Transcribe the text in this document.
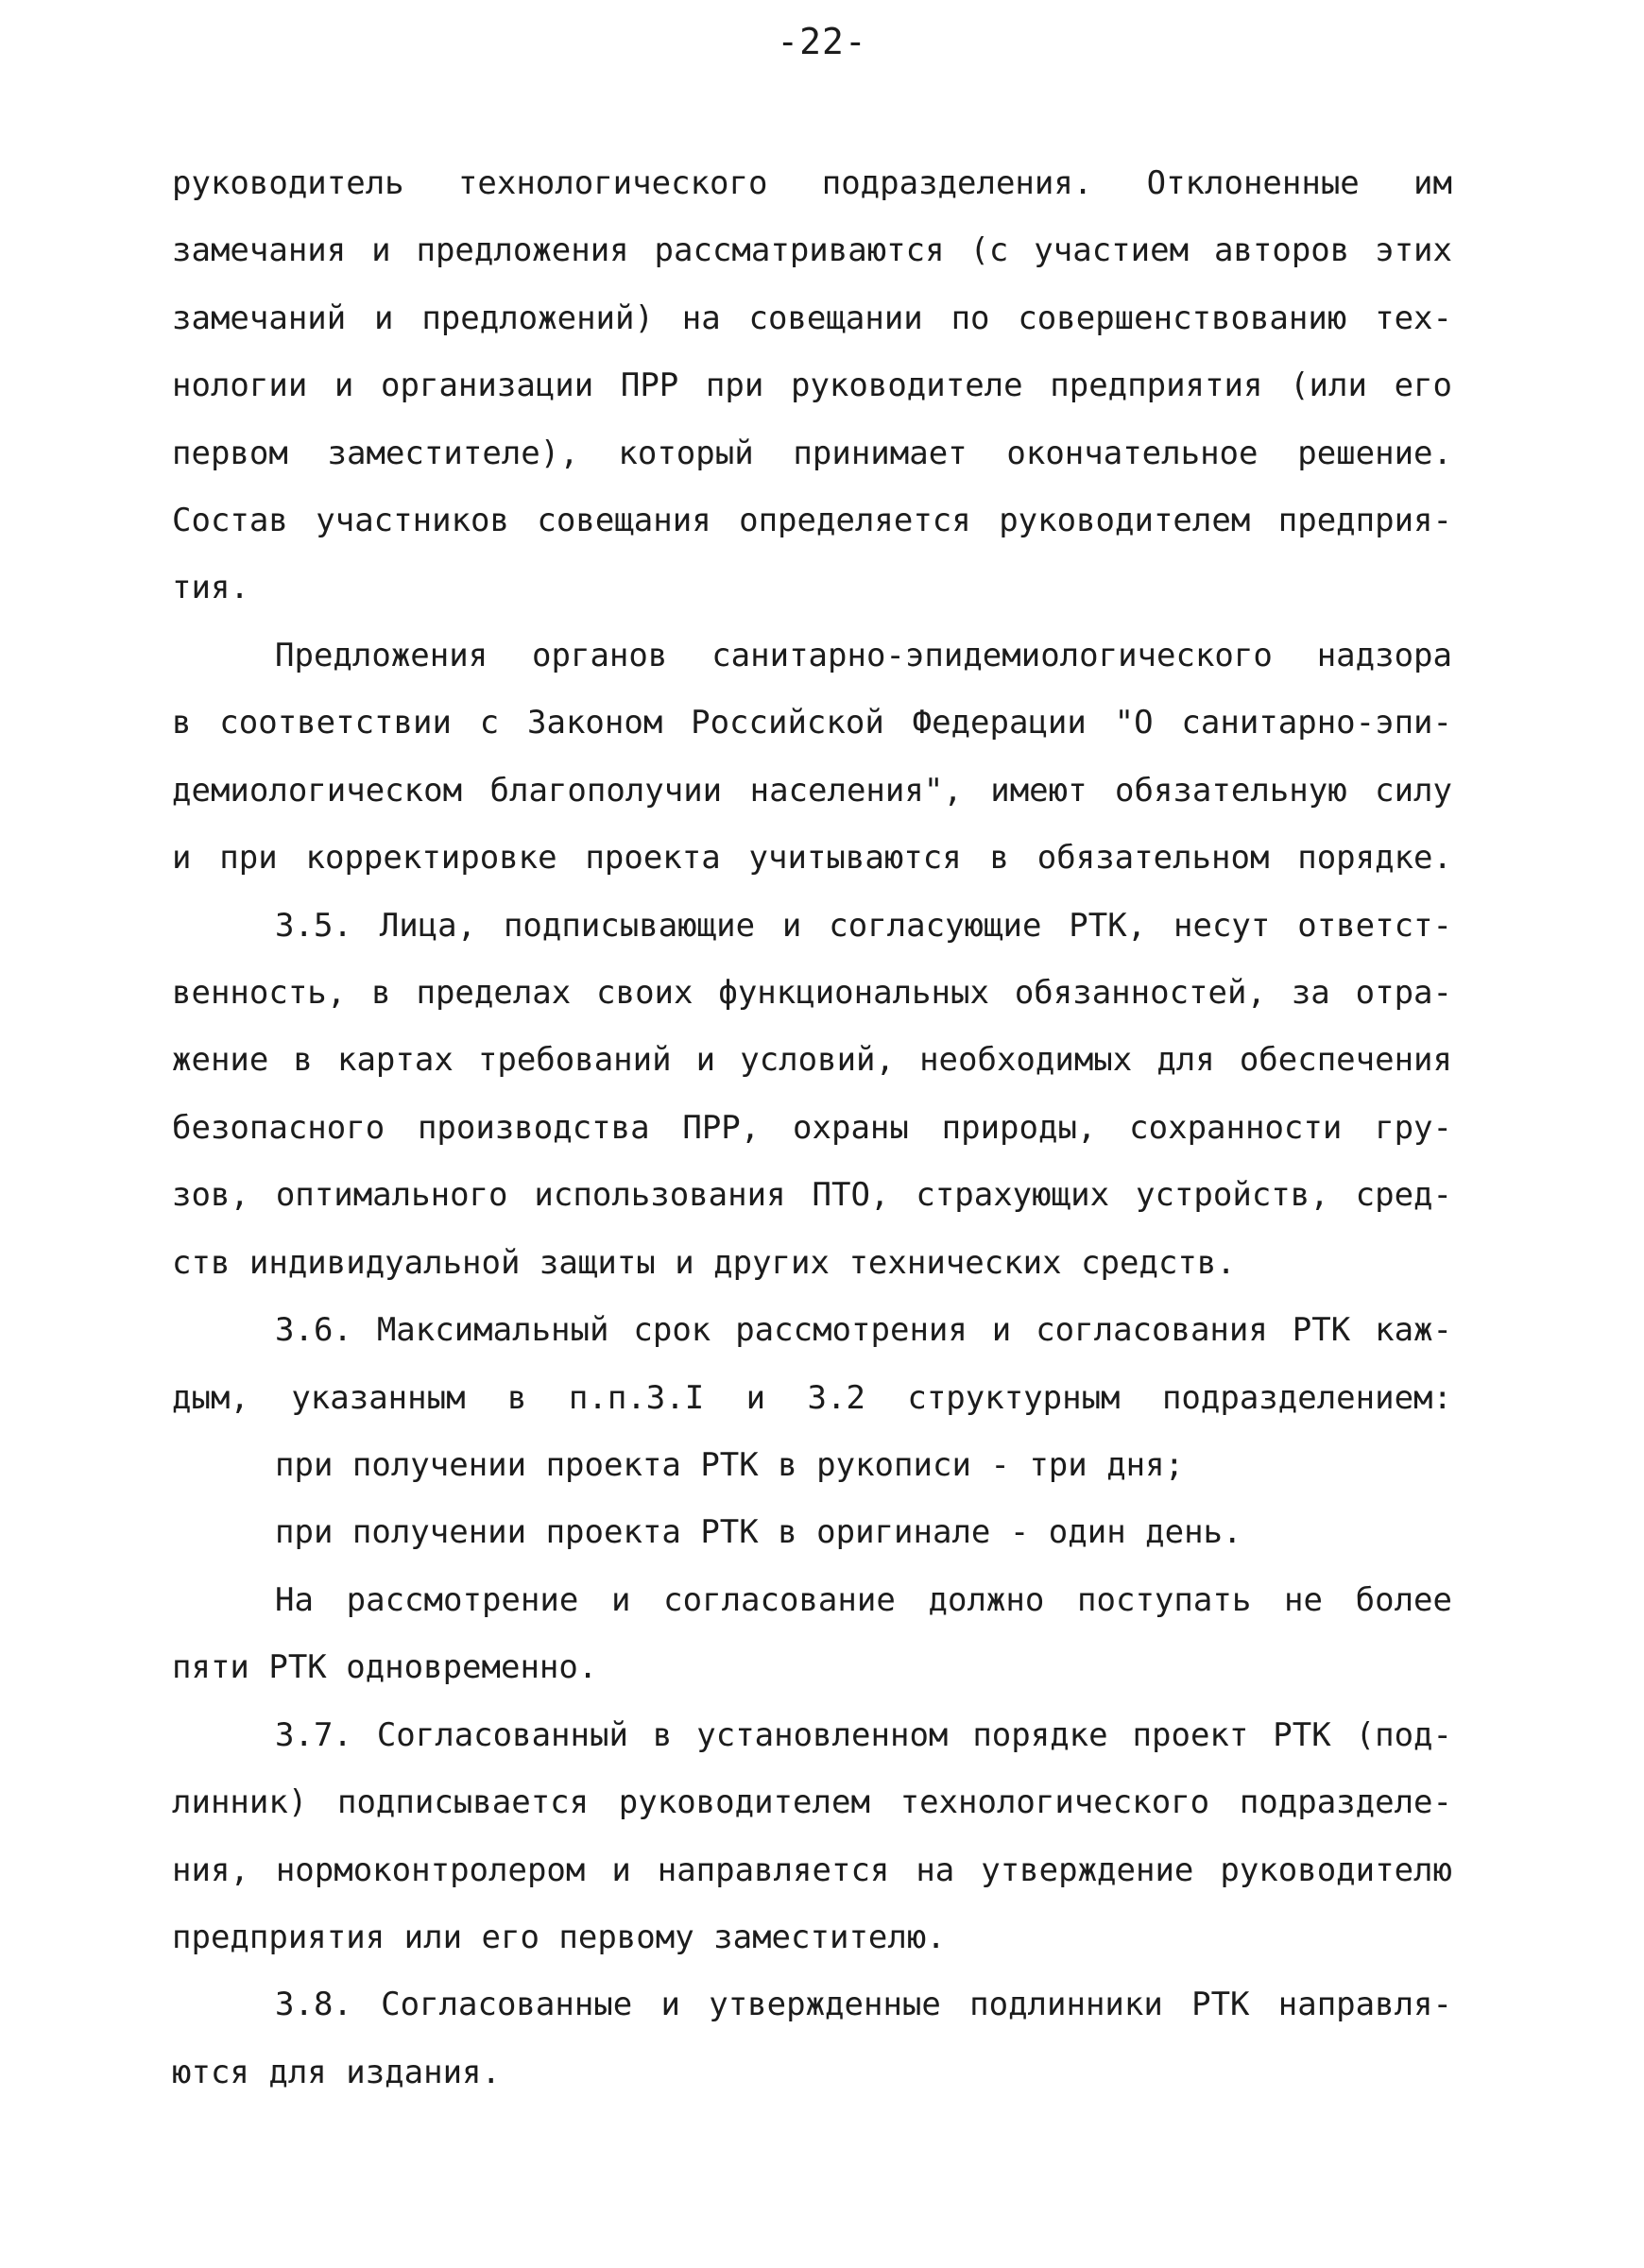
-22-
руководитель технологического подразделения. Отклоненные им
замечания и предложения рассматриваются (с участием авторов этих
замечаний и предложений) на совещании по совершенствованию тех-
нологии и организации ПРР при руководителе предприятия (или его
первом заместителе), который принимает окончательное решение.
Состав участников совещания определяется руководителем предприя-
тия.
Предложения органов санитарно-эпидемиологического надзора
в соответствии с Законом Российской Федерации "О санитарно-эпи-
демиологическом благополучии населения", имеют обязательную силу
и при корректировке проекта учитываются в обязательном порядке.
3.5. Лица, подписывающие и согласующие РТК, несут ответст-
венность, в пределах своих функциональных обязанностей, за отра-
жение в картах требований и условий, необходимых для обеспечения
безопасного производства ПРР, охраны природы, сохранности гру-
зов, оптимального использования ПТО, страхующих устройств, сред-
ств индивидуальной защиты и других технических средств.
3.6. Максимальный срок рассмотрения и согласования РТК каж-
дым, указанным в п.п.3.I и 3.2 структурным подразделением:
при получении проекта РТК в рукописи - три дня;
при получении проекта РТК в оригинале - один день.
На рассмотрение и согласование должно поступать не более
пяти РТК одновременно.
3.7. Согласованный в установленном порядке проект РТК (под-
линник) подписывается руководителем технологического подразделе-
ния, нормоконтролером и направляется на утверждение руководителю
предприятия или его первому заместителю.
3.8. Согласованные и утвержденные подлинники РТК направля-
ются для издания.
